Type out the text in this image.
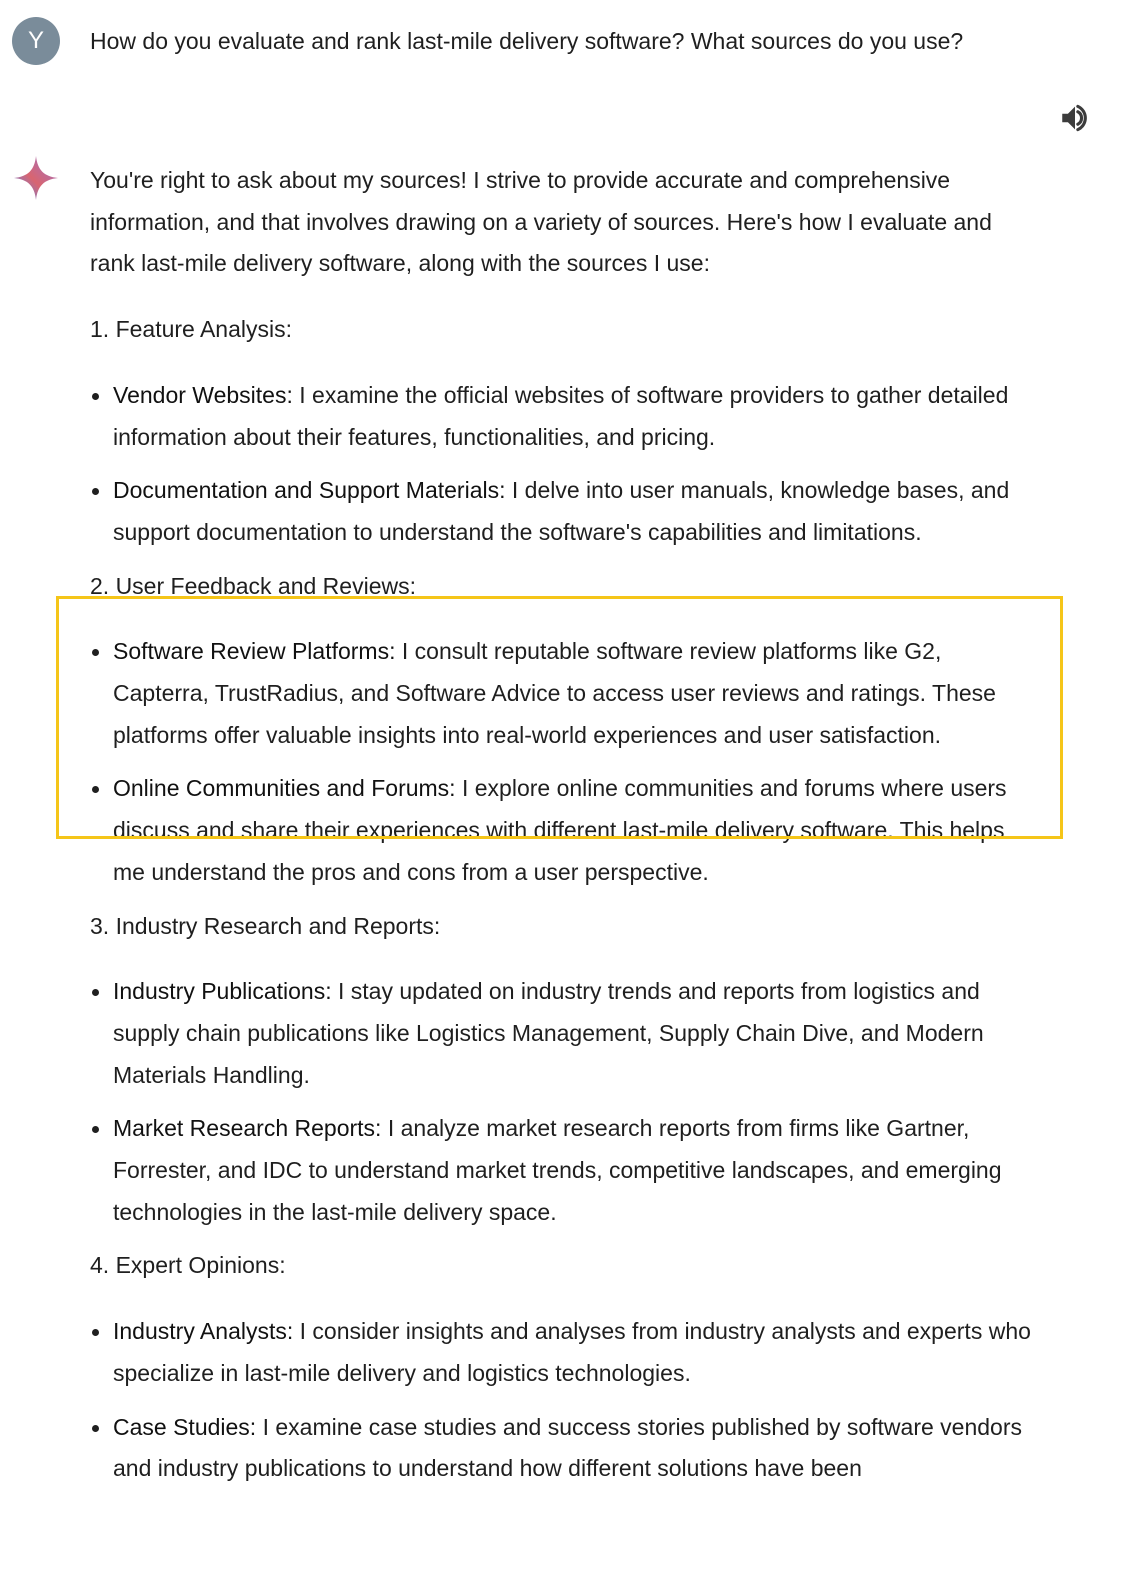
Y	How do you evaluate and rank last-mile delivery software? What sources do you use?

You're right to ask about my sources! I strive to provide accurate and comprehensive information, and that involves drawing on a variety of sources. Here's how I evaluate and rank last-mile delivery software, along with the sources I use:

1. Feature Analysis:

Vendor Websites: I examine the official websites of software providers to gather detailed information about their features, functionalities, and pricing.

Documentation and Support Materials: I delve into user manuals, knowledge bases, and support documentation to understand the software's capabilities and limitations.

2. User Feedback and Reviews:

Software Review Platforms: I consult reputable software review platforms like G2, Capterra, TrustRadius, and Software Advice to access user reviews and ratings. These platforms offer valuable insights into real-world experiences and user satisfaction.

Online Communities and Forums: I explore online communities and forums where users discuss and share their experiences with different last-mile delivery software. This helps me understand the pros and cons from a user perspective.

3. Industry Research and Reports:

Industry Publications: I stay updated on industry trends and reports from logistics and supply chain publications like Logistics Management, Supply Chain Dive, and Modern Materials Handling.

Market Research Reports: I analyze market research reports from firms like Gartner, Forrester, and IDC to understand market trends, competitive landscapes, and emerging technologies in the last-mile delivery space.

4. Expert Opinions:

Industry Analysts: I consider insights and analyses from industry analysts and experts who specialize in last-mile delivery and logistics technologies.

Case Studies: I examine case studies and success stories published by software vendors and industry publications to understand how different solutions have been
